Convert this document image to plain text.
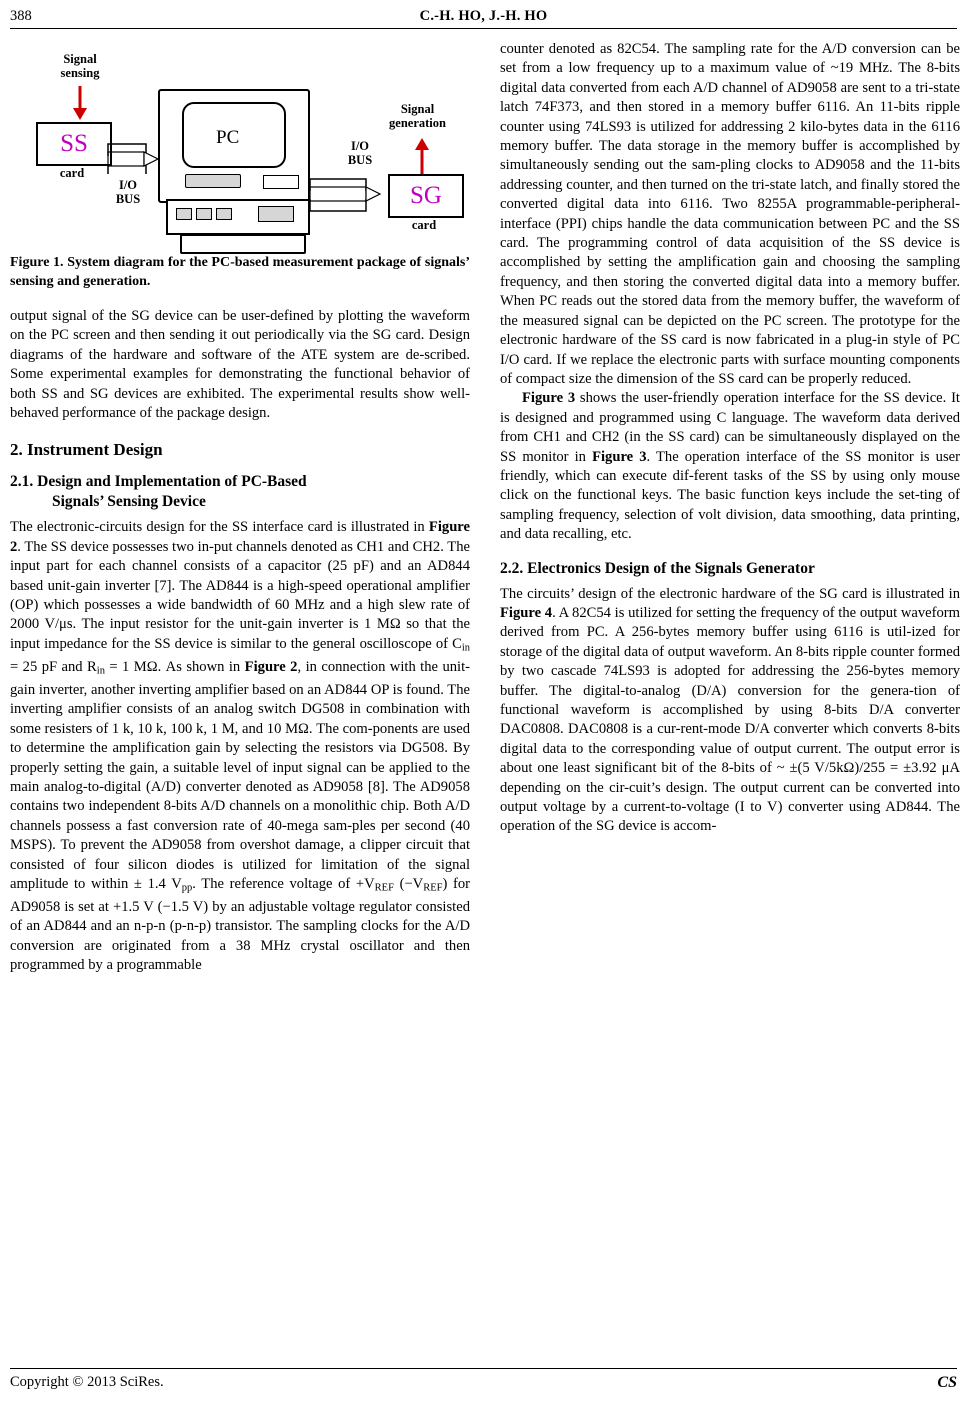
388	C.-H. HO, J.-H. HO
Signal
sensing
SS
card
I/O
BUS
PC
Signal
generation
I/O
BUS
SG
card
Figure 1. System diagram for the PC-based measurement package of signals’ sensing and generation.

output signal of the SG device can be user-defined by plotting the waveform on the PC screen and then sending it out periodically via the SG card. Design diagrams of the hardware and software of the ATE system are de-scribed. Some experimental examples for demonstrating the functional behavior of both SS and SG devices are exhibited. The experimental results show well-behaved performance of the package design.

2. Instrument Design
2.1. Design and Implementation of PC-Based
Signals’ Sensing Device

The electronic-circuits design for the SS interface card is illustrated in Figure 2. The SS device possesses two in-put channels denoted as CH1 and CH2. The input part for each channel consists of a capacitor (25 pF) and an AD844 based unit-gain inverter [7]. The AD844 is a high-speed operational amplifier (OP) which possesses a wide bandwidth of 60 MHz and a high slew rate of 2000 V/μs. The input resistor for the unit-gain inverter is 1 MΩ so that the input impedance for the SS device is similar to the general oscilloscope of $C_{in} = 25$ pF and $R_{in} = 1$ MΩ. As shown in Figure 2, in connection with the unit-gain inverter, another inverting amplifier based on an AD844 OP is found. The inverting amplifier consists of an analog switch DG508 in combination with some resisters of 1 k, 10 k, 100 k, 1 M, and 10 MΩ. The com-ponents are used to determine the amplification gain by selecting the resistors via DG508. By properly setting the gain, a suitable level of input signal can be applied to the main analog-to-digital (A/D) converter denoted as AD9058 [8]. The AD9058 contains two independent 8-bits A/D channels on a monolithic chip. Both A/D channels possess a fast conversion rate of 40-mega sam-ples per second (40 MSPS). To prevent the AD9058 from overshot damage, a clipper circuit that consisted of four silicon diodes is utilized for limitation of the signal amplitude to within ± 1.4 $V_{pp}$. The reference voltage of $+V_{REF}$ $(-V_{REF})$ for AD9058 is set at +1.5 V (−1.5 V) by an adjustable voltage regulator consisted of an AD844 and an n-p-n (p-n-p) transistor. The sampling clocks for the A/D conversion are originated from a 38 MHz crystal oscillator and then programmed by a programmable

counter denoted as 82C54. The sampling rate for the A/D conversion can be set from a low frequency up to a maximum value of ~19 MHz. The 8-bits digital data converted from each A/D channel of AD9058 are sent to a tri-state latch 74F373, and then stored in a memory buffer 6116. An 11-bits ripple counter using 74LS93 is utilized for addressing 2 kilo-bytes data in the 6116 memory buffer. The data storage in the memory buffer is accomplished by simultaneously sending out the sam-pling clocks to AD9058 and the 11-bits addressing counter, and then turned on the tri-state latch, and finally stored the converted digital data into 6116. Two 8255A programmable-peripheral-interface (PPI) chips handle the data communication between PC and the SS card. The programming control of data acquisition of the SS device is accomplished by setting the amplification gain and choosing the sampling frequency, and then storing the converted digital data into a memory buffer. When PC reads out the stored data from the memory buffer, the waveform of the measured signal can be depicted on the PC screen. The prototype for the electronic hardware of the SS card is now fabricated in a plug-in style of PC I/O card. If we replace the electronic parts with surface mounting components of compact size the dimension of the SS card can be properly reduced.

Figure 3 shows the user-friendly operation interface for the SS device. It is designed and programmed using C language. The waveform data derived from CH1 and CH2 (in the SS card) can be simultaneously displayed on the SS monitor in Figure 3. The operation interface of the SS monitor is user friendly, which can execute dif-ferent tasks of the SS by using only mouse click on the functional keys. The basic function keys include the set-ting of sampling frequency, selection of volt division, data smoothing, data printing, and data recalling, etc.

2.2. Electronics Design of the Signals Generator

The circuits’ design of the electronic hardware of the SG card is illustrated in Figure 4. A 82C54 is utilized for setting the frequency of the output waveform derived from PC. A 256-bytes memory buffer using 6116 is util-ized for storage of the digital data of output waveform. An 8-bits ripple counter formed by two cascade 74LS93 is adopted for addressing the 256-bytes memory buffer. The digital-to-analog (D/A) conversion for the genera-tion of functional waveform is accomplished by using 8-bits D/A converter DAC0808. DAC0808 is a cur-rent-mode D/A converter which converts 8-bits digital data to the corresponding value of output current. The output error is about one least significant bit of the 8-bits of ~ ±(5 V/5kΩ)/255 = ±3.92 μA depending on the cir-cuit’s design. The output current can be converted into output voltage by a current-to-voltage (I to V) converter using AD844. The operation of the SG device is accom-

Copyright © 2013 SciRes.	CS
